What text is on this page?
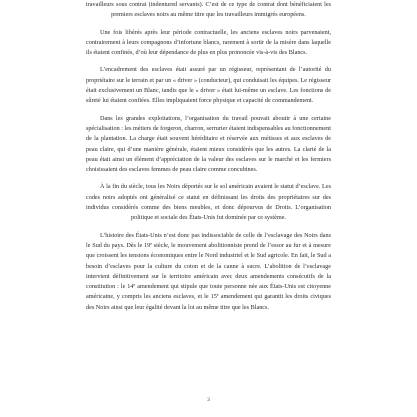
travailleurs sous contrat (indentured servants). C’est de ce type de contrat dont bénéficiaient les premiers esclaves noirs au même titre que les travailleurs immigrés européens.

Une fois libérés après leur période contractuelle, les anciens esclaves noirs parvenaient, contrairement à leurs compagnons d’infortune blancs, rarement à sortir de la misère dans laquelle ils étaient confinés, d’où leur dépendance de plus en plus prononcée vis-à-vis des Blancs.

L’encadrement des esclaves était assuré par un régisseur, représentant de l’autorité du propriétaire sur le terrain et par un « driver » (conducteur), qui conduisait les équipes. Le régisseur était exclusivement un Blanc, tandis que le « driver » était lui-même un esclave. Les fonctions de sûreté lui étaient confiées. Elles impliquaient force physique et capacité de commandement.

Dans les grandes exploitations, l’organisation du travail pouvait aboutir à une certaine spécialisation : les métiers de forgeron, charron, serrurier étaient indispensables au fonctionnement de la plantation. La charge était souvent héréditaire et réservée aux métisses et aux esclaves de peau claire, qui d’une manière générale, étaient mieux considérés que les autres. La clarté de la peau était ainsi un élément d’appréciation de la valeur des esclaves sur le marché et les fermiers choisissaient des esclaves femmes de peau claire comme concubines.

À la fin du siècle, tous les Noirs déportés sur le sol américain avaient le statut d’esclave. Les codes noirs adoptés ont généralisé ce statut en définissant les droits des propriétaires sur des individus considérés comme des biens meubles, et donc dépourvus de Droits. L’organisation politique et sociale des États-Unis fut dominée par ce système.

L’histoire des États-Unis n’est donc pas indissociable de celle de l’esclavage des Noirs dans le Sud du pays. Dès le 19e siècle, le mouvement abolitionniste prend de l’essor au fur et à mesure que croissent les tensions économiques entre le Nord industriel et le Sud agricole. En fait, le Sud a besoin d’esclaves pour la culture du coton et de la canne à sucre. L’abolition de l’esclavage intervient définitivement sur le territoire américain avec deux amendements consécutifs de la constitution : le 14e amendement qui stipule que toute personne née aux États-Unis est citoyenne américaine, y compris les anciens esclaves, et le 15e amendement qui garantit les droits civiques des Noirs ainsi que leur égalité devant la loi au même titre que les Blancs.

3
